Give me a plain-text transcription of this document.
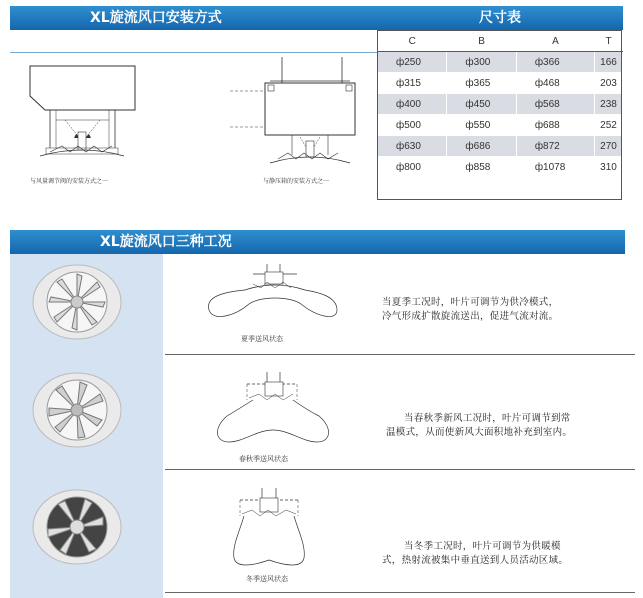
XL旋流风口安装方式
与风量调节阀的安装方式之一	与静压箱的安装方式之一
尺寸表
C	B	A	T
ф250	ф300	ф366	166
ф315	ф365	ф468	203
ф400	ф450	ф568	238
ф500	ф550	ф688	252
ф630	ф686	ф872	270
ф800	ф858	ф1078	310
XL旋流风口三种工况
夏季送风状态
当夏季工况时，叶片可调节为供冷模式，
冷气形成扩散旋流送出，促进气流对流。
春秋季送风状态
当春秋季新风工况时，叶片可调节到常
温模式，从而使新风大面积地补充到室内。
冬季送风状态
当冬季工况时，叶片可调节为供暖模
式，热射流被集中垂直送到人员活动区域。
